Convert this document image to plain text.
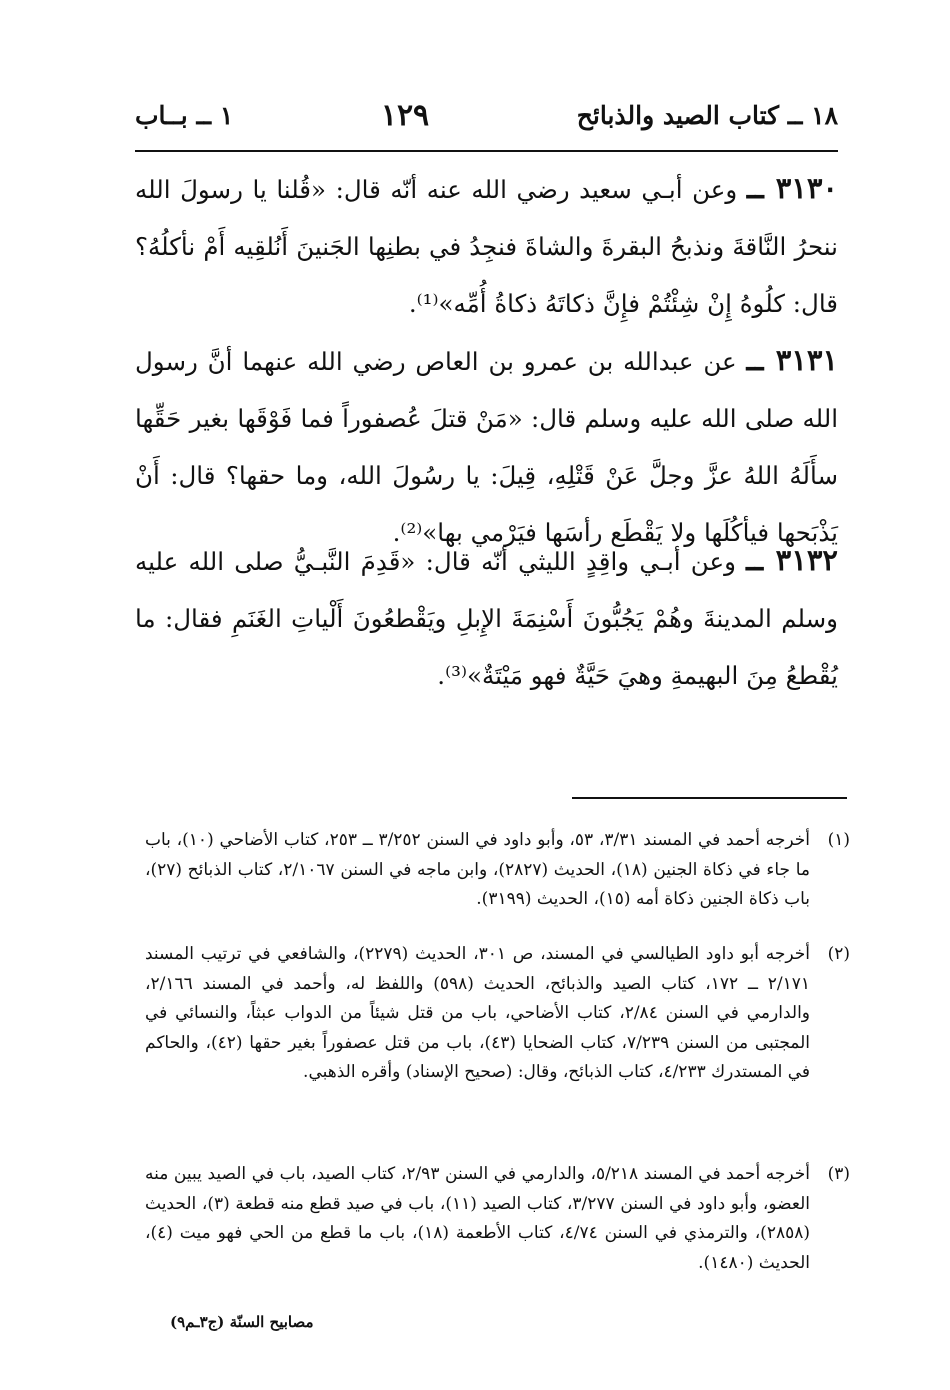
١٨ ــ كتاب الصيد والذبائح
١٢٩
١ ــ بــاب
٣١٣٠ ــ وعن أبـي سعيد رضي الله عنه أنّه قال: «قُلنا يا رسولَ الله ننحرُ النَّاقةَ ونذبحُ البقرةَ والشاةَ فنجِدُ في بطنِها الجَنينَ أَنُلقِيه أَمْ نأكلُهُ؟ قال: كلُوهُ إِنْ شِئْتُمْ فإِنَّ ذكاتَهُ ذكاةُ أُمِّه»⁽¹⁾.
٣١٣١ ــ عن عبدالله بن عمرو بن العاص رضي الله عنهما أنَّ رسول الله صلى الله عليه وسلم قال: «مَنْ قتلَ عُصفوراً فما فَوْقَها بغير حَقِّها سأَلَهُ اللهُ عزَّ وجلَّ عَنْ قَتْلِهِ، قِيلَ: يا رسُولَ الله، وما حقها؟ قال: أَنْ يَذْبَحها فيأكُلَها ولا يَقْطَع رأسَها فيَرْمي بها»⁽²⁾.
٣١٣٢ ــ وعن أبـي واقِدٍ الليثي أنّه قال: «قَدِمَ النَّبـيُّ صلى الله عليه وسلم المدينةَ وهُمْ يَجُبُّونَ أَسْنِمَةَ الإِبلِ ويَقْطعُونَ أَلْياتِ الغَنَمِ فقال: ما يُقْطعُ مِنَ البهيمةِ وهيَ حَيَّةٌ فهو مَيْتَةٌ»⁽³⁾.
(١)
أخرجه أحمد في المسند ٣/٣١، ٥٣، وأبو داود في السنن ٣/٢٥٢ ــ ٢٥٣، كتاب الأضاحي (١٠)، باب ما جاء في ذكاة الجنين (١٨)، الحديث (٢٨٢٧)، وابن ماجه في السنن ٢/١٠٦٧، كتاب الذبائح (٢٧)، باب ذكاة الجنين ذكاة أمه (١٥)، الحديث (٣١٩٩).
(٢)
أخرجه أبو داود الطيالسي في المسند، ص ٣٠١، الحديث (٢٢٧٩)، والشافعي في ترتيب المسند ٢/١٧١ ــ ١٧٢، كتاب الصيد والذبائح، الحديث (٥٩٨) واللفظ له، وأحمد في المسند ٢/١٦٦، والدارمي في السنن ٢/٨٤، كتاب الأضاحي، باب من قتل شيئاً من الدواب عبثاً، والنسائي في المجتبى من السنن ٧/٢٣٩، كتاب الضحايا (٤٣)، باب من قتل عصفوراً بغير حقها (٤٢)، والحاكم في المستدرك ٤/٢٣٣، كتاب الذبائح، وقال: (صحيح الإسناد) وأقره الذهبي.
(٣)
أخرجه أحمد في المسند ٥/٢١٨، والدارمي في السنن ٢/٩٣، كتاب الصيد، باب في الصيد يبين منه العضو، وأبو داود في السنن ٣/٢٧٧، كتاب الصيد (١١)، باب في صيد قطع منه قطعة (٣)، الحديث (٢٨٥٨)، والترمذي في السنن ٤/٧٤، كتاب الأطعمة (١٨)، باب ما قطع من الحي فهو ميت (٤)، الحديث (١٤٨٠).
مصابيح السنّة (ج٣ـم٩)
